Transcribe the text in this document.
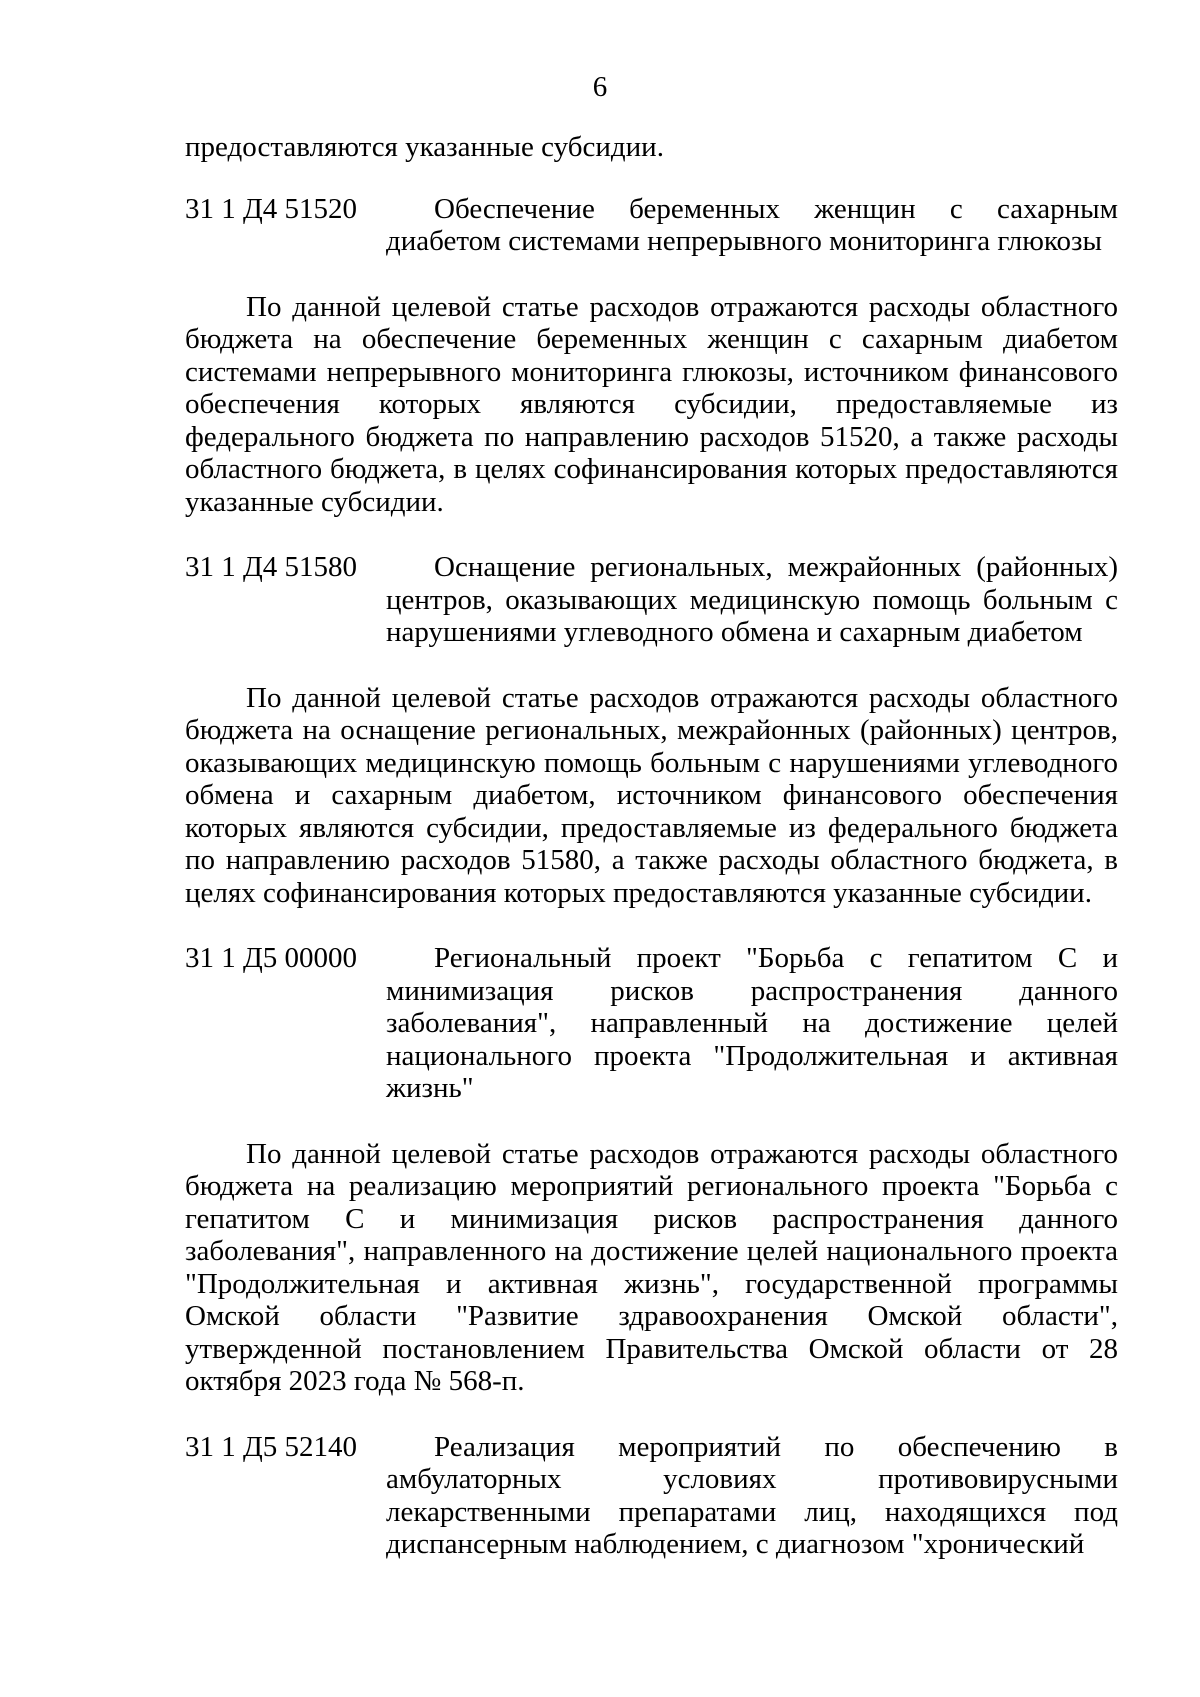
6

предоставляются указанные субсидии.

31 1 Д4 51520	Обеспечение беременных женщин с сахарным диабетом системами непрерывного мониторинга глюкозы

По данной целевой статье расходов отражаются расходы областного бюджета на обеспечение беременных женщин с сахарным диабетом системами непрерывного мониторинга глюкозы, источником финансового обеспечения которых являются субсидии, предоставляемые из федерального бюджета по направлению расходов 51520, а также расходы областного бюджета, в целях софинансирования которых предоставляются указанные субсидии.

31 1 Д4 51580	Оснащение региональных, межрайонных (районных) центров, оказывающих медицинскую помощь больным с нарушениями углеводного обмена и сахарным диабетом

По данной целевой статье расходов отражаются расходы областного бюджета на оснащение региональных, межрайонных (районных) центров, оказывающих медицинскую помощь больным с нарушениями углеводного обмена и сахарным диабетом, источником финансового обеспечения которых являются субсидии, предоставляемые из федерального бюджета по направлению расходов 51580, а также расходы областного бюджета, в целях софинансирования которых предоставляются указанные субсидии.

31 1 Д5 00000	Региональный проект "Борьба с гепатитом С и минимизация рисков распространения данного заболевания", направленный на достижение целей национального проекта "Продолжительная и активная жизнь"

По данной целевой статье расходов отражаются расходы областного бюджета на реализацию мероприятий регионального проекта "Борьба с гепатитом С и минимизация рисков распространения данного заболевания", направленного на достижение целей национального проекта "Продолжительная и активная жизнь", государственной программы Омской области "Развитие здравоохранения Омской области", утвержденной постановлением Правительства Омской области от 28 октября 2023 года № 568-п.

31 1 Д5 52140	Реализация мероприятий по обеспечению в амбулаторных условиях противовирусными лекарственными препаратами лиц, находящихся под диспансерным наблюдением, с диагнозом "хронический
